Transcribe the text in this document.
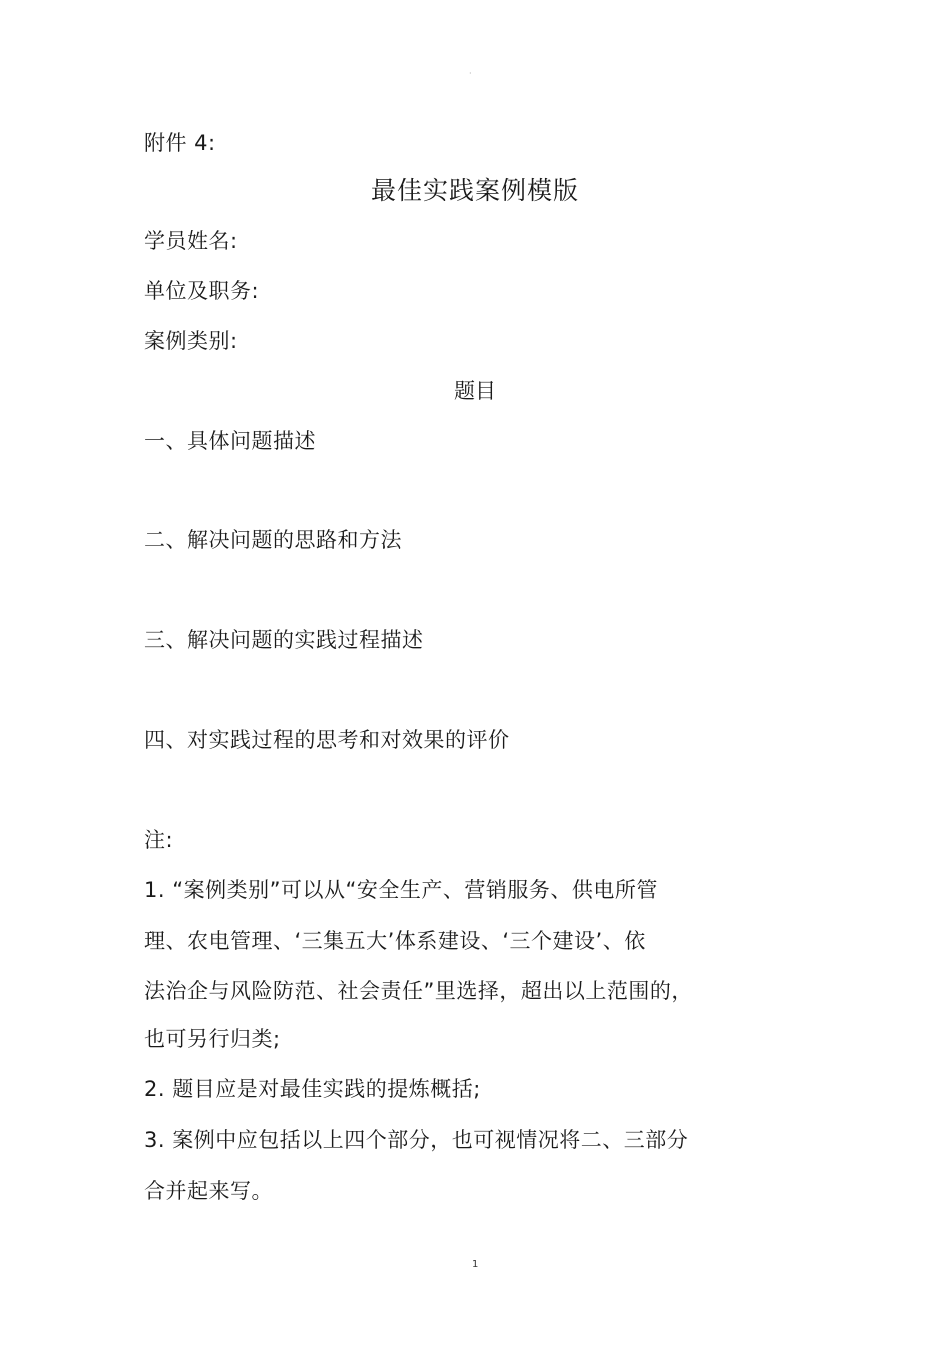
·
附件 4:
最佳实践案例模版
学员姓名:
单位及职务:
案例类别:
题目
一、具体问题描述
二、解决问题的思路和方法
三、解决问题的实践过程描述
四、对实践过程的思考和对效果的评价
注:
1. “案例类别”可以从“安全生产、营销服务、供电所管
理、农电管理、‘三集五大’体系建设、‘三个建设’、依
法治企与风险防范、社会责任”里选择，超出以上范围的，
也可另行归类;
2. 题目应是对最佳实践的提炼概括;
3. 案例中应包括以上四个部分，也可视情况将二、三部分
合并起来写。
1
